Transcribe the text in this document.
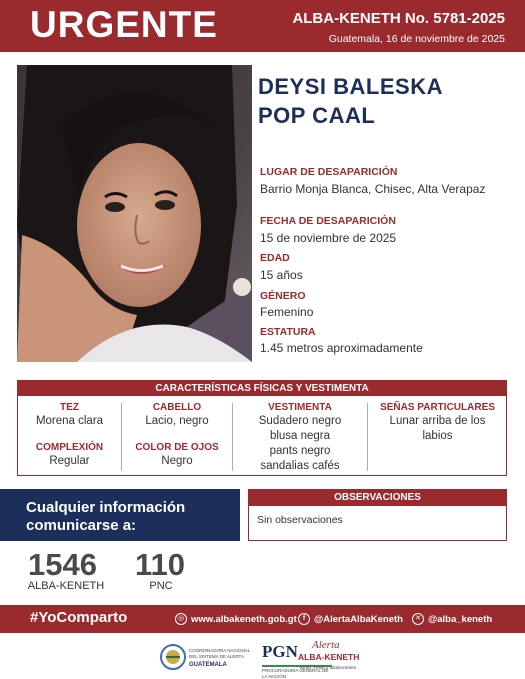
URGENTE	ALBA-KENETH No. 5781-2025
Guatemala, 16 de noviembre de 2025
DEYSI BALESKA
POP CAAL
LUGAR DE DESAPARICIÓN
Barrio Monja Blanca, Chisec, Alta Verapaz
FECHA DE DESAPARICIÓN
15 de noviembre de 2025
EDAD
15 años
GÉNERO
Femenino
ESTATURA
1.45 metros aproximadamente
CARACTERÍSTICAS FÍSICAS Y VESTIMENTA
TEZ
Morena clara
COMPLEXIÓN
Regular
CABELLO
Lacio, negro
COLOR DE OJOS
Negro
VESTIMENTA
Sudadero negro
blusa negra
pants negro
sandalias cafés
SEÑAS PARTICULARES
Lunar arriba de los
labios
Cualquier información
comunicarse a:
1546
ALBA-KENETH
110
PNC
OBSERVACIONES
Sin observaciones
#YoComparto	◎ www.albakeneth.gob.gt f @AlertaAlbaKeneth	✕ @alba_keneth
COORDINADORA NACIONAL DEL SISTEMA DE ALERTA
GUATEMALA
PGN
PROCURADURÍA GENERAL DE LA NACIÓN
Alerta
ALBA-KENETH
Niñez, niñas y adolescentes
